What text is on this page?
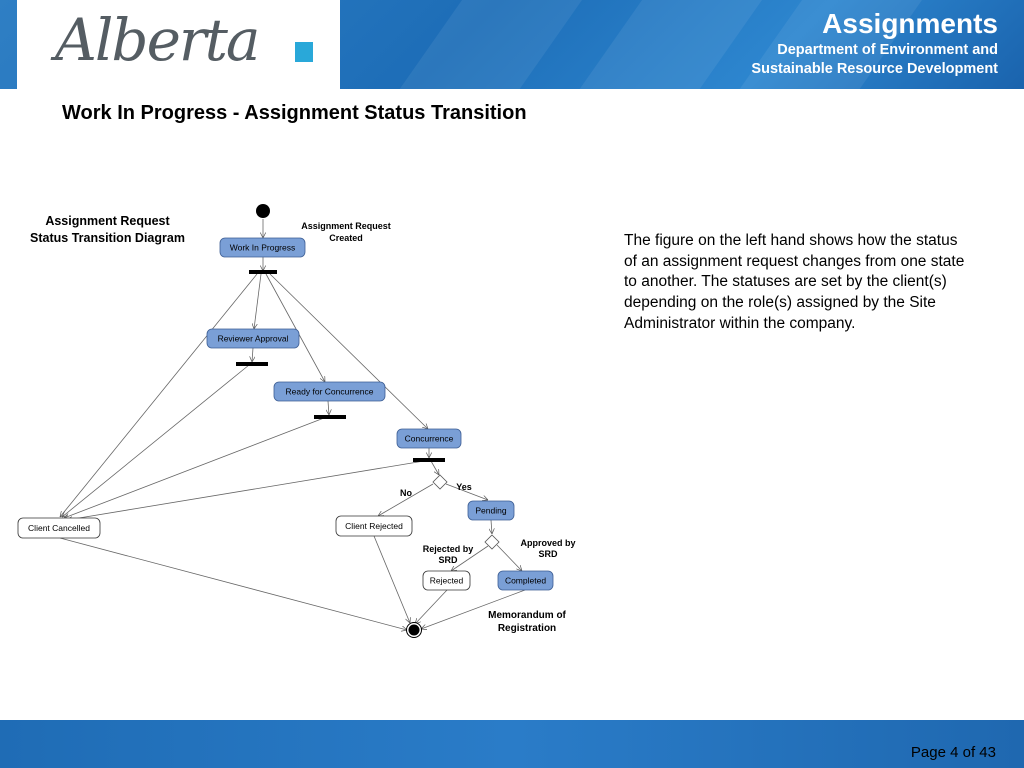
Alberta	Assignments
Department of Environment and
Sustainable Resource Development
Work In Progress - Assignment Status Transition
Assignment Request Status Transition Diagram	The figure on the left hand shows how the status of an assignment request changes from one state to another. The statuses are set by the client(s) depending on the role(s) assigned by the Site Administrator within the company.
Work In Progress
Reviewer Approval
Ready for Concurrence
Concurrence
Pending
Completed
Client Cancelled	Client Rejected
Rejected
Assignment Request
Created
Yes
No
Rejected by
SRD
Approved by
SRD
Memorandum of
Registration
Page 4 of 43
